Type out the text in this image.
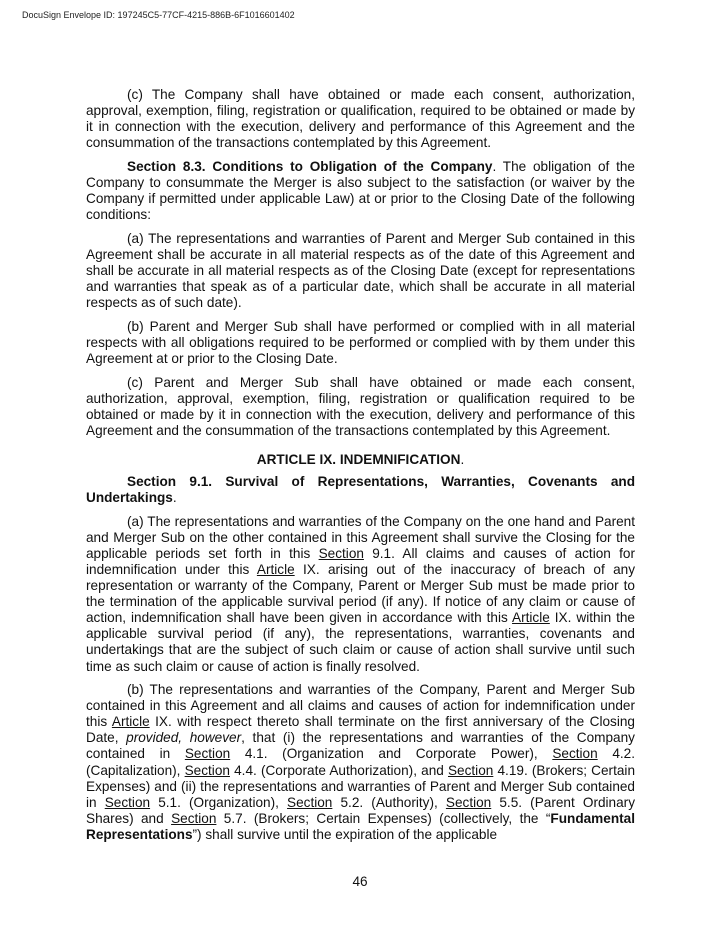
DocuSign Envelope ID: 197245C5-77CF-4215-886B-6F1016601402

(c) The Company shall have obtained or made each consent, authorization, approval, exemption, filing, registration or qualification, required to be obtained or made by it in connection with the execution, delivery and performance of this Agreement and the consummation of the transactions contemplated by this Agreement.

Section 8.3. Conditions to Obligation of the Company. The obligation of the Company to consummate the Merger is also subject to the satisfaction (or waiver by the Company if permitted under applicable Law) at or prior to the Closing Date of the following conditions:

(a) The representations and warranties of Parent and Merger Sub contained in this Agreement shall be accurate in all material respects as of the date of this Agreement and shall be accurate in all material respects as of the Closing Date (except for representations and warranties that speak as of a particular date, which shall be accurate in all material respects as of such date).

(b) Parent and Merger Sub shall have performed or complied with in all material respects with all obligations required to be performed or complied with by them under this Agreement at or prior to the Closing Date.

(c) Parent and Merger Sub shall have obtained or made each consent, authorization, approval, exemption, filing, registration or qualification required to be obtained or made by it in connection with the execution, delivery and performance of this Agreement and the consummation of the transactions contemplated by this Agreement.

ARTICLE IX. INDEMNIFICATION.

Section 9.1. Survival of Representations, Warranties, Covenants and Undertakings.

(a) The representations and warranties of the Company on the one hand and Parent and Merger Sub on the other contained in this Agreement shall survive the Closing for the applicable periods set forth in this Section 9.1. All claims and causes of action for indemnification under this Article IX. arising out of the inaccuracy of breach of any representation or warranty of the Company, Parent or Merger Sub must be made prior to the termination of the applicable survival period (if any). If notice of any claim or cause of action, indemnification shall have been given in accordance with this Article IX. within the applicable survival period (if any), the representations, warranties, covenants and undertakings that are the subject of such claim or cause of action shall survive until such time as such claim or cause of action is finally resolved.

(b) The representations and warranties of the Company, Parent and Merger Sub contained in this Agreement and all claims and causes of action for indemnification under this Article IX. with respect thereto shall terminate on the first anniversary of the Closing Date, provided, however, that (i) the representations and warranties of the Company contained in Section 4.1. (Organization and Corporate Power), Section 4.2. (Capitalization), Section 4.4. (Corporate Authorization), and Section 4.19. (Brokers; Certain Expenses) and (ii) the representations and warranties of Parent and Merger Sub contained in Section 5.1. (Organization), Section 5.2. (Authority), Section 5.5. (Parent Ordinary Shares) and Section 5.7. (Brokers; Certain Expenses) (collectively, the “Fundamental Representations”) shall survive until the expiration of the applicable

46
